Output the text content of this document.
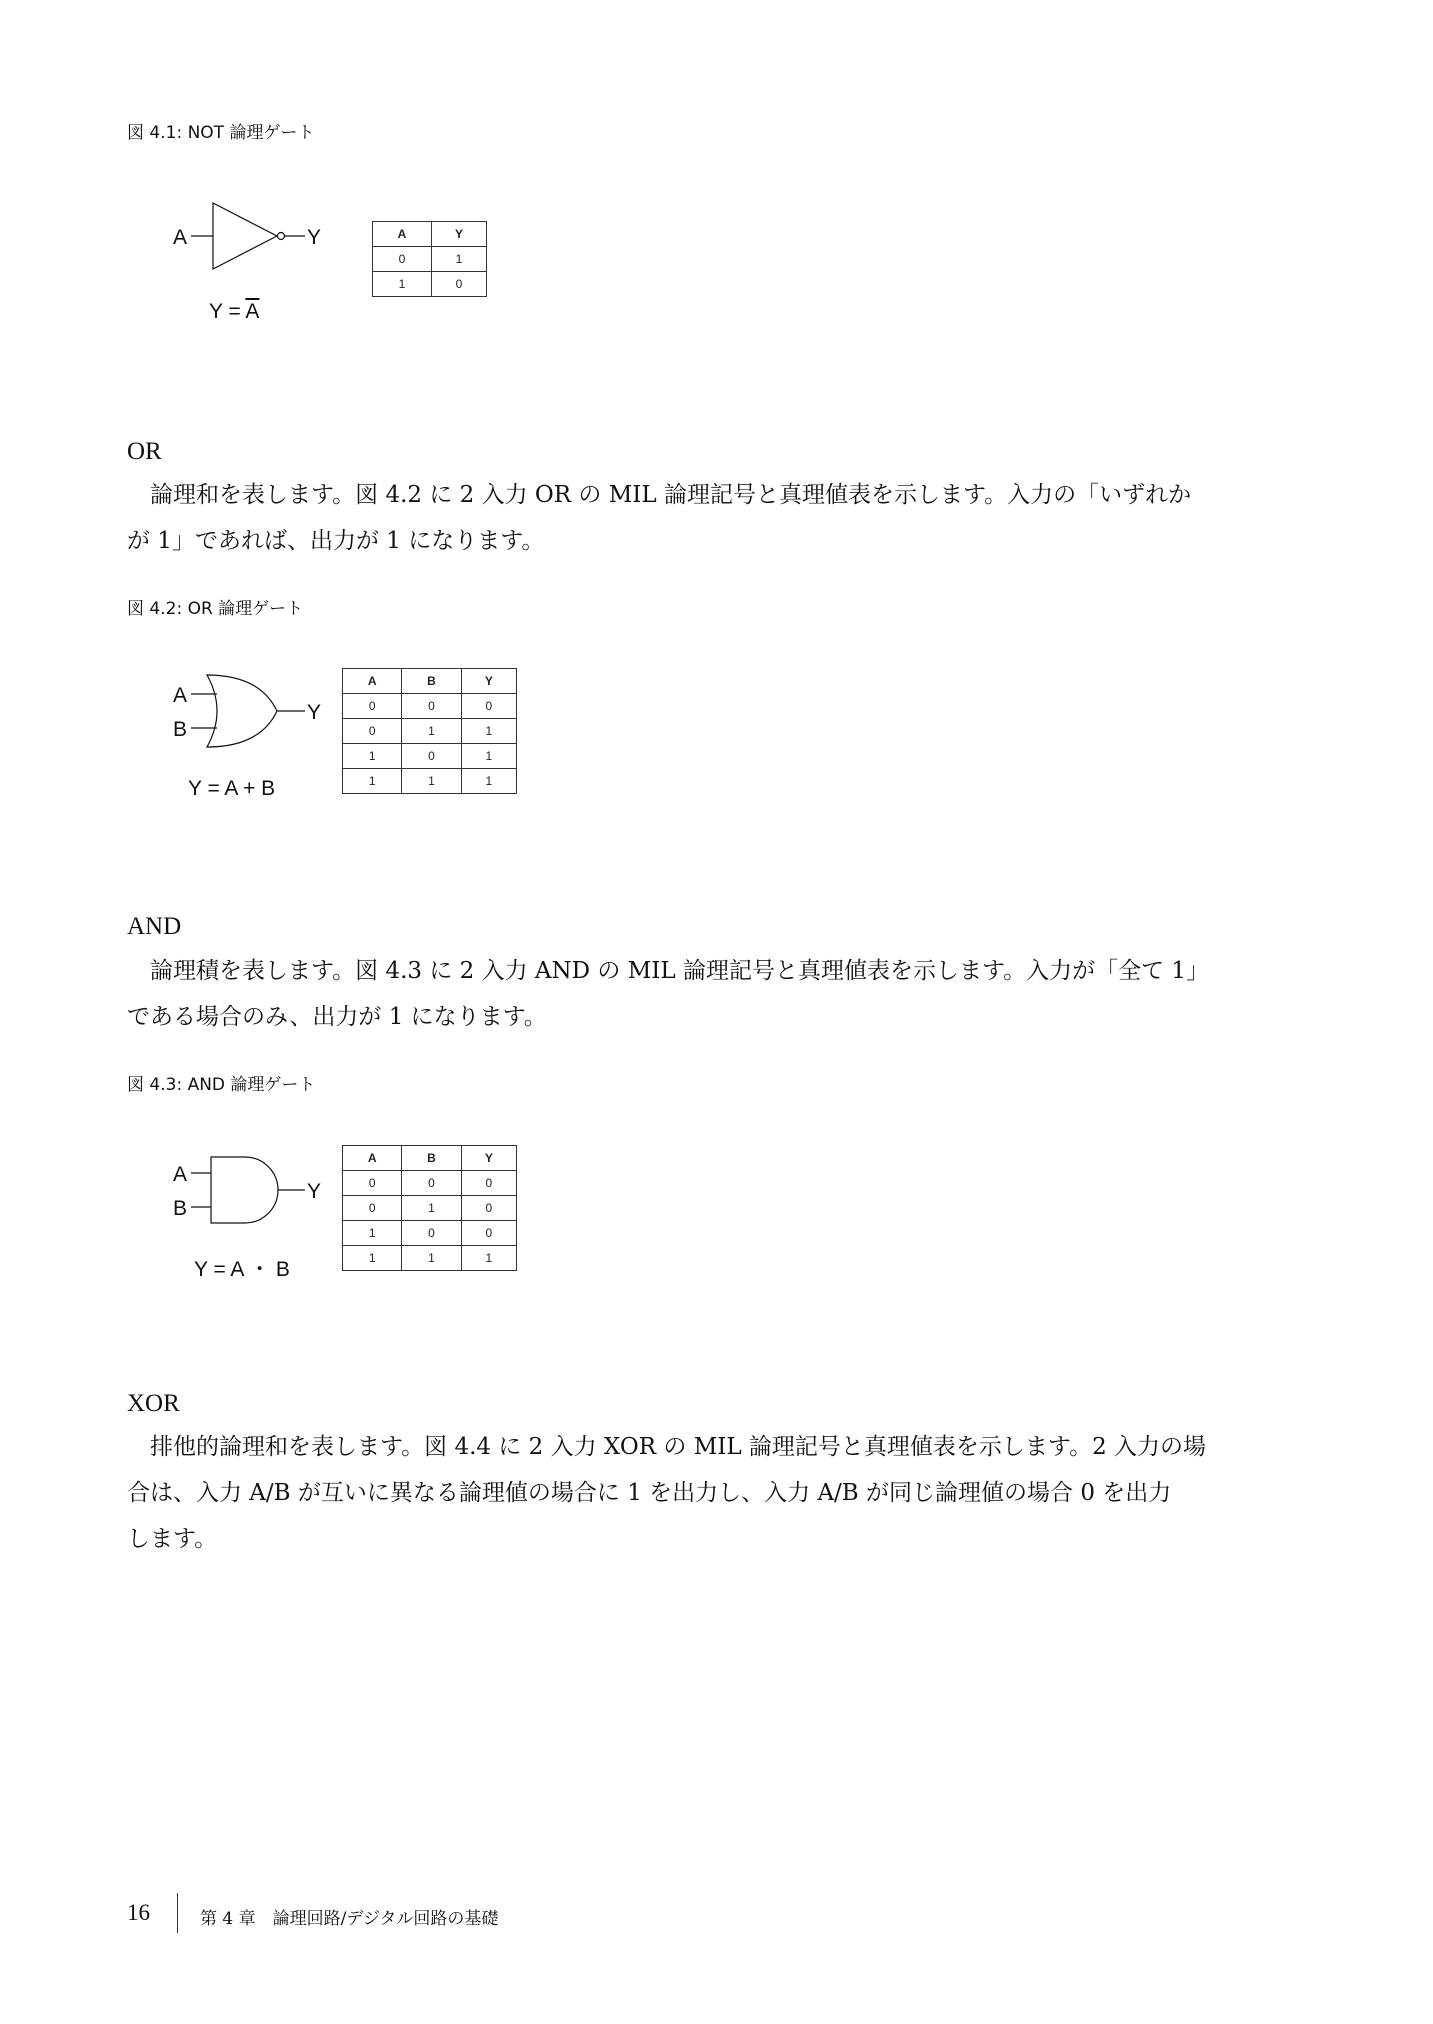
図 4.1: NOT 論理ゲート
A	Y
$Y = \overline{A}$
A	Y
0	1
1	0
OR
　論理和を表します。図 4.2 に 2 入力 OR の MIL 論理記号と真理値表を示します。入力の「いずれか
が 1」であれば、出力が 1 になります。
図 4.2: OR 論理ゲート
A
B
Y
Y = A + B
A	B	Y
0	0	0
0	1	1
1	0	1
1	1	1
AND
　論理積を表します。図 4.3 に 2 入力 AND の MIL 論理記号と真理値表を示します。入力が「全て 1」
である場合のみ、出力が 1 になります。
図 4.3: AND 論理ゲート
A
B
Y
Y = A ・ B
A	B	Y
0	0	0
0	1	0
1	0	0
1	1	1
XOR
　排他的論理和を表します。図 4.4 に 2 入力 XOR の MIL 論理記号と真理値表を示します。2 入力の場
合は、入力 A/B が互いに異なる論理値の場合に 1 を出力し、入力 A/B が同じ論理値の場合 0 を出力
します。
16	第 4 章　論理回路/デジタル回路の基礎
